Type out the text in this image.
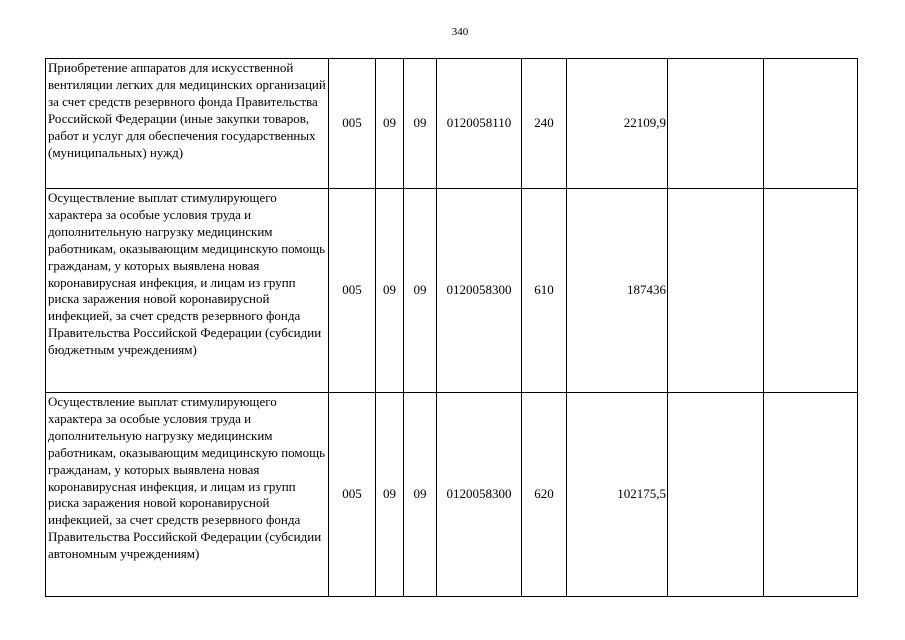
340
Приобретение аппаратов для искусственной вентиляции легких для медицинских организаций за счет средств резервного фонда Правительства Российской Федерации (иные закупки товаров, работ и услуг для обеспечения государственных (муниципальных) нужд)	005	09	09	0120058110	240	22109,9		
Осуществление выплат стимулирующего характера за особые условия труда и дополнительную нагрузку медицинским работникам, оказывающим медицинскую помощь гражданам, у которых выявлена новая коронавирусная инфекция, и лицам из групп риска заражения новой коронавирусной инфекцией, за счет средств резервного фонда Правительства Российской Федерации (субсидии бюджетным учреждениям)	005	09	09	0120058300	610	187436		
Осуществление выплат стимулирующего характера за особые условия труда и дополнительную нагрузку медицинским работникам, оказывающим медицинскую помощь гражданам, у которых выявлена новая коронавирусная инфекция, и лицам из групп риска заражения новой коронавирусной инфекцией, за счет средств резервного фонда Правительства Российской Федерации (субсидии автономным учреждениям)	005	09	09	0120058300	620	102175,5		
